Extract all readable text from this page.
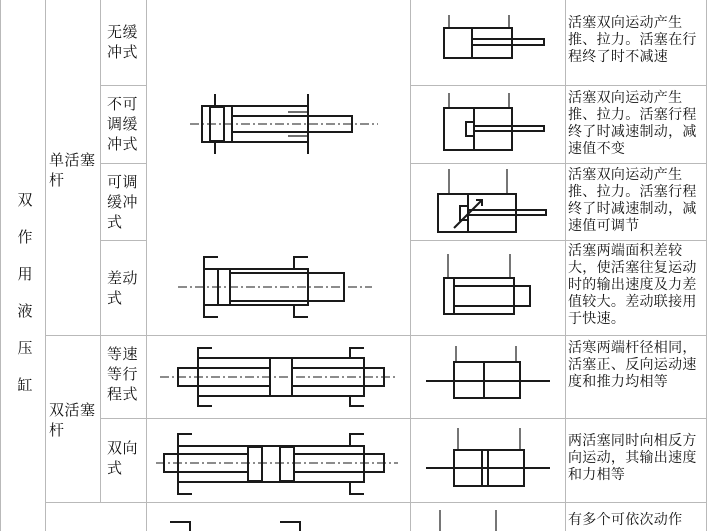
双
作
用
液
压
缸
单活塞杆
双活塞杆
无缓冲式
不可调缓冲式
可调缓冲式
差动式
等速等行程式
双向式
活塞双向运动产生推、拉力。活塞在行程终了时不减速
活塞双向运动产生推、拉力。活塞行程终了时减速制动，减速值不变
活塞双向运动产生推、拉力。活塞行程终了时减速制动，减速值可调节
活塞两端面积差较大，使活塞往复运动时的输出速度及力差值较大。差动联接用于快速。
活寒两端杆径相同，活塞正、反向运动速度和推力均相等
两活塞同时向相反方向运动，其输出速度和力相等
有多个可依次动作
